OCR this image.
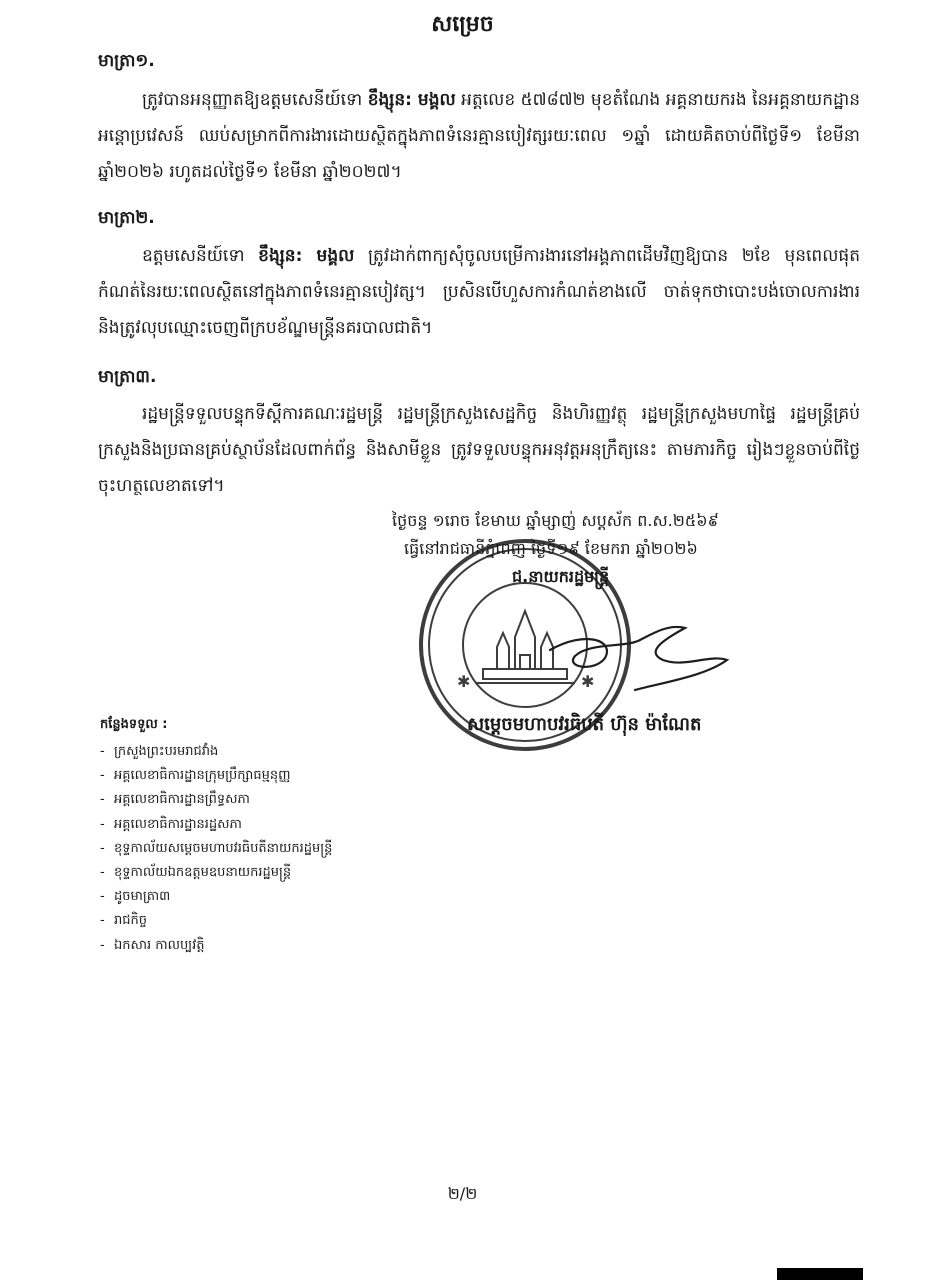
សម្រេច
មាត្រា១.
ត្រូវបានអនុញ្ញាតឱ្យឧត្ដមសេនីយ៍ទោ ខឹង្សុន: មង្គល អត្តលេខ ៥៧៨៧២ មុខតំណែង អគ្គនាយករង នៃអគ្គនាយកដ្ឋានអន្តោប្រវេសន៍ ឈប់សម្រាកពីការងារដោយស្ថិតក្នុងភាពទំនេរគ្មានបៀវត្សរយៈពេល ១ឆ្នាំ ដោយគិតចាប់ពីថ្ងៃទី១ ខែមីនា ឆ្នាំ២០២៦ រហូតដល់ថ្ងៃទី១ ខែមីនា ឆ្នាំ២០២៧។
មាត្រា២.
ឧត្ដមសេនីយ៍ទោ ខឹង្សុន: មង្គល ត្រូវដាក់ពាក្យសុំចូលបម្រើការងារនៅអង្គភាពដើមវិញឱ្យបាន ២ខែ មុនពេលផុតកំណត់នៃរយៈពេលស្ថិតនៅក្នុងភាពទំនេរគ្មានបៀវត្ស។ ប្រសិនបើហួសការកំណត់ខាងលើ ចាត់ទុកថាបោះបង់ចោលការងារ និងត្រូវលុបឈ្មោះចេញពីក្របខ័ណ្ឌមន្ត្រីនគរបាលជាតិ។
មាត្រា៣.
រដ្ឋមន្ត្រីទទួលបន្ទុកទីស្តីការគណៈរដ្ឋមន្ត្រី រដ្ឋមន្ត្រីក្រសួងសេដ្ឋកិច្ច និងហិរញ្ញវត្ថុ រដ្ឋមន្ត្រីក្រសួងមហាផ្ទៃ រដ្ឋមន្ត្រីគ្រប់ក្រសួងនិងប្រធានគ្រប់ស្ថាប័នដែលពាក់ព័ន្ធ និងសាមីខ្លួន ត្រូវទទួលបន្ទុកអនុវត្តអនុក្រឹត្យនេះ តាមភារកិច្ច រៀងៗខ្លួនចាប់ពីថ្ងៃចុះហត្ថលេខាតទៅ។
✱	✱
ថ្ងៃចន្ទ ១រោច ខែមាឃ ឆ្នាំម្សាញ់ សប្តស័ក ព.ស.២៥៦៩
ធ្វើនៅរាជធានីភ្នំពេញ ថ្ងៃទី១៩ ខែមករា ឆ្នាំ២០២៦
ជ.នាយករដ្ឋមន្ត្រី
សម្តេចមហាបវរធិបតី ហ៊ុន ម៉ាណែត
កន្លែងទទួល :
- ក្រសួងព្រះបរមរាជវាំង
- អគ្គលេខាធិការដ្ឋានក្រុមប្រឹក្សាធម្មនុញ្ញ
- អគ្គលេខាធិការដ្ឋានព្រឹទ្ធសភា
- អគ្គលេខាធិការដ្ឋានរដ្ឋសភា
- ខុទ្ទកាល័យសម្តេចមហាបវរធិបតីនាយករដ្ឋមន្ត្រី
- ខុទ្ទកាល័យឯកឧត្តមឧបនាយករដ្ឋមន្ត្រី
- ដូចមាត្រា៣
- រាជកិច្ច
- ឯកសារ កាលប្បវត្តិ
២/២
